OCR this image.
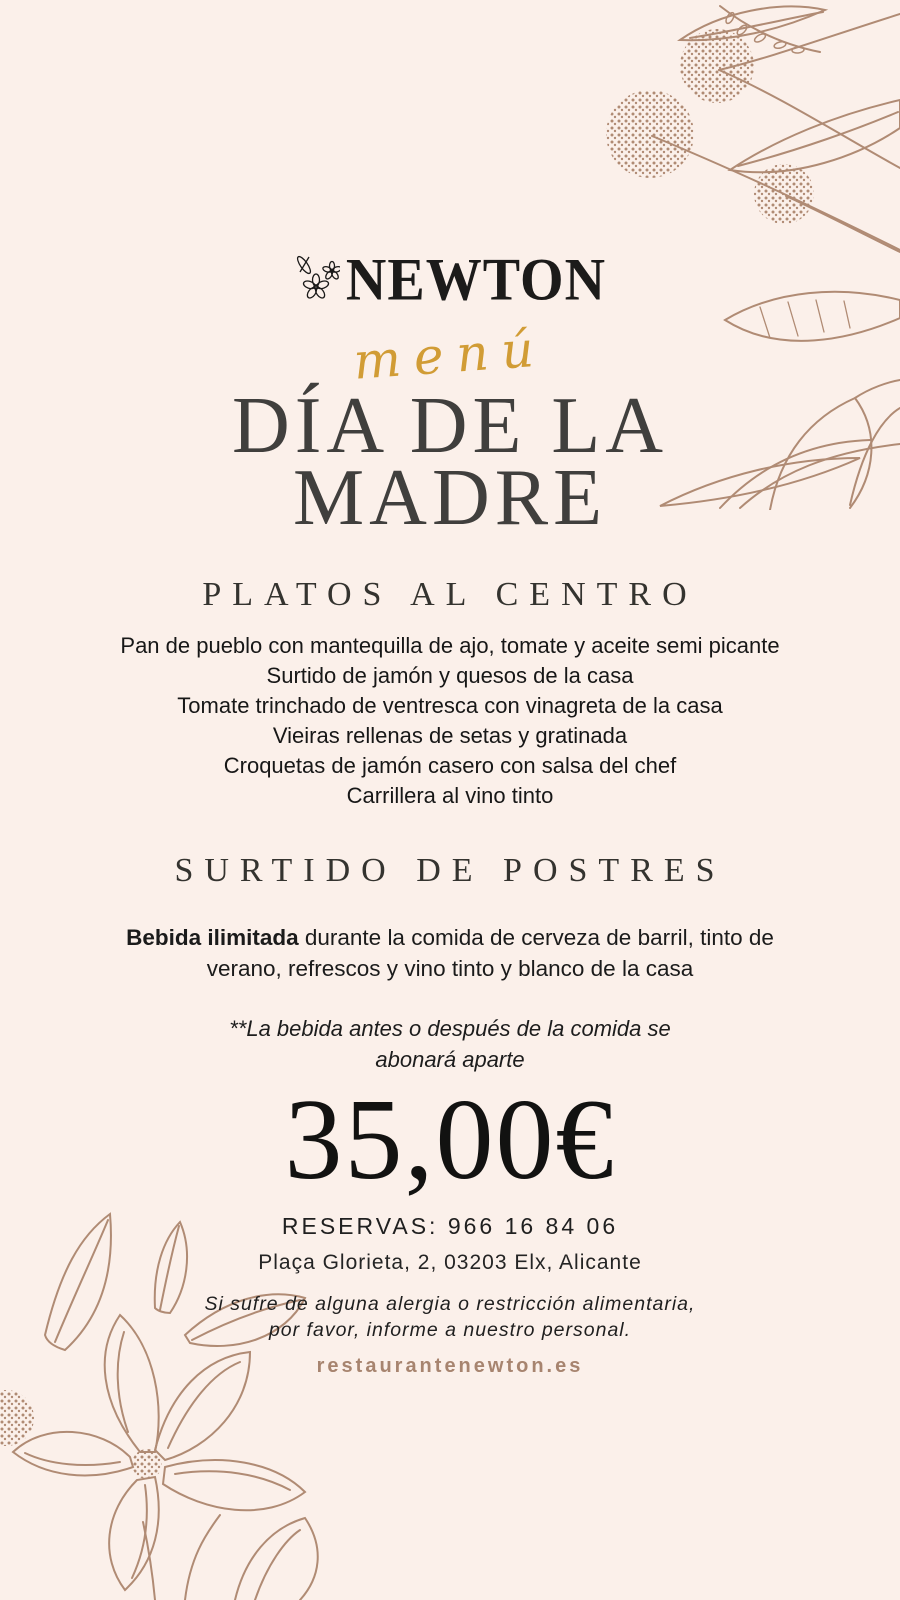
NEWTON
menú
DÍA DE LA
MADRE
PLATOS AL CENTRO
Pan de pueblo con mantequilla de ajo, tomate y aceite semi picante
Surtido de jamón y quesos de la casa
Tomate trinchado de ventresca con vinagreta de la casa
Vieiras rellenas de setas y gratinada
Croquetas de jamón casero con salsa del chef
Carrillera al vino tinto
SURTIDO DE POSTRES
Bebida ilimitada durante la comida de cerveza de barril, tinto de verano, refrescos y vino tinto y blanco de la casa
**La bebida antes o después de la comida se
abonará aparte
35,00€
RESERVAS: 966 16 84 06
Plaça Glorieta, 2, 03203 Elx, Alicante
Si sufre de alguna alergia o restricción alimentaria,
por favor, informe a nuestro personal.
restaurantenewton.es
